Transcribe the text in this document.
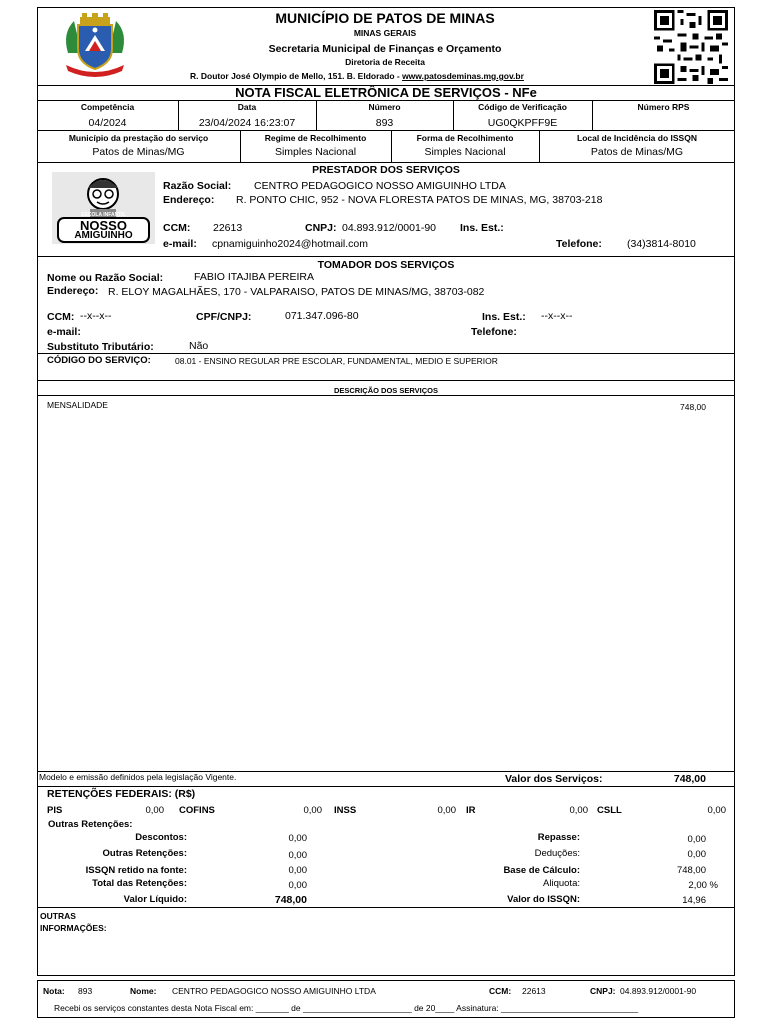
MUNICÍPIO DE PATOS DE MINAS
MINAS GERAIS
Secretaria Municipal de Finanças e Orçamento
Diretoria de Receita
R. Doutor José Olympio de Mello, 151. B. Eldorado - www.patosdeminas.mg.gov.br
NOTA FISCAL ELETRÔNICA DE SERVIÇOS - NFe
Competência
04/2024
Data
23/04/2024 16:23:07
Número
893
Código de Verificação
UG0QKPFF9E
Número RPS
Município da prestação do serviço
Patos de Minas/MG
Regime de Recolhimento
Simples Nacional
Forma de Recolhimento
Simples Nacional
Local de Incidência do ISSQN
Patos de Minas/MG
PRESTADOR DOS SERVIÇOS
ESCOLA INFANTIL
NOSSO
AMIGUINHO
Razão Social: CENTRO PEDAGOGICO NOSSO AMIGUINHO LTDA
Endereço: R. PONTO CHIC, 952 - NOVA FLORESTA PATOS DE MINAS, MG, 38703-218
CCM: 22613	CNPJ: 04.893.912/0001-90 Ins. Est.:
e-mail: cpnamiguinho2024@hotmail.com	Telefone: (34)3814-8010
TOMADOR DOS SERVIÇOS
Nome ou Razão Social:	FABIO ITAJIBA PEREIRA
Endereço: R. ELOY MAGALHÃES, 170 - VALPARAISO, PATOS DE MINAS/MG, 38703-082
CCM: --x--x--	CPF/CNPJ:	071.347.096-80	Ins. Est.: --x--x--
e-mail:	Telefone:
Substituto Tributário:	Não
CÓDIGO DO SERVIÇO:	08.01 - ENSINO REGULAR PRE ESCOLAR, FUNDAMENTAL, MEDIO E SUPERIOR
DESCRIÇÃO DOS SERVIÇOS
MENSALIDADE	748,00
Modelo e emissão definidos pela legislação Vigente.	Valor dos Serviços:	748,00
RETENÇÕES FEDERAIS: (R$)
PIS	0,00 COFINS	0,00 INSS	0,00 IR	0,00 CSLL	0,00
Outras Retenções:
Descontos:	0,00
Outras Retenções:	0,00
ISSQN retido na fonte:	0,00
Total das Retenções:	0,00
Valor Líquido:	748,00
Repasse:	0,00
Deduções:	0,00
Base de Cálculo:	748,00
Aliquota:	2,00 %
Valor do ISSQN:	14,96
OUTRAS
INFORMAÇÕES:
Nota: 893	Nome: CENTRO PEDAGOGICO NOSSO AMIGUINHO LTDA	CCM: 22613	CNPJ: 04.893.912/0001-90
Recebi os serviços constantes desta Nota Fiscal em: _______ de _______________________ de 20____ Assinatura: _____________________________
